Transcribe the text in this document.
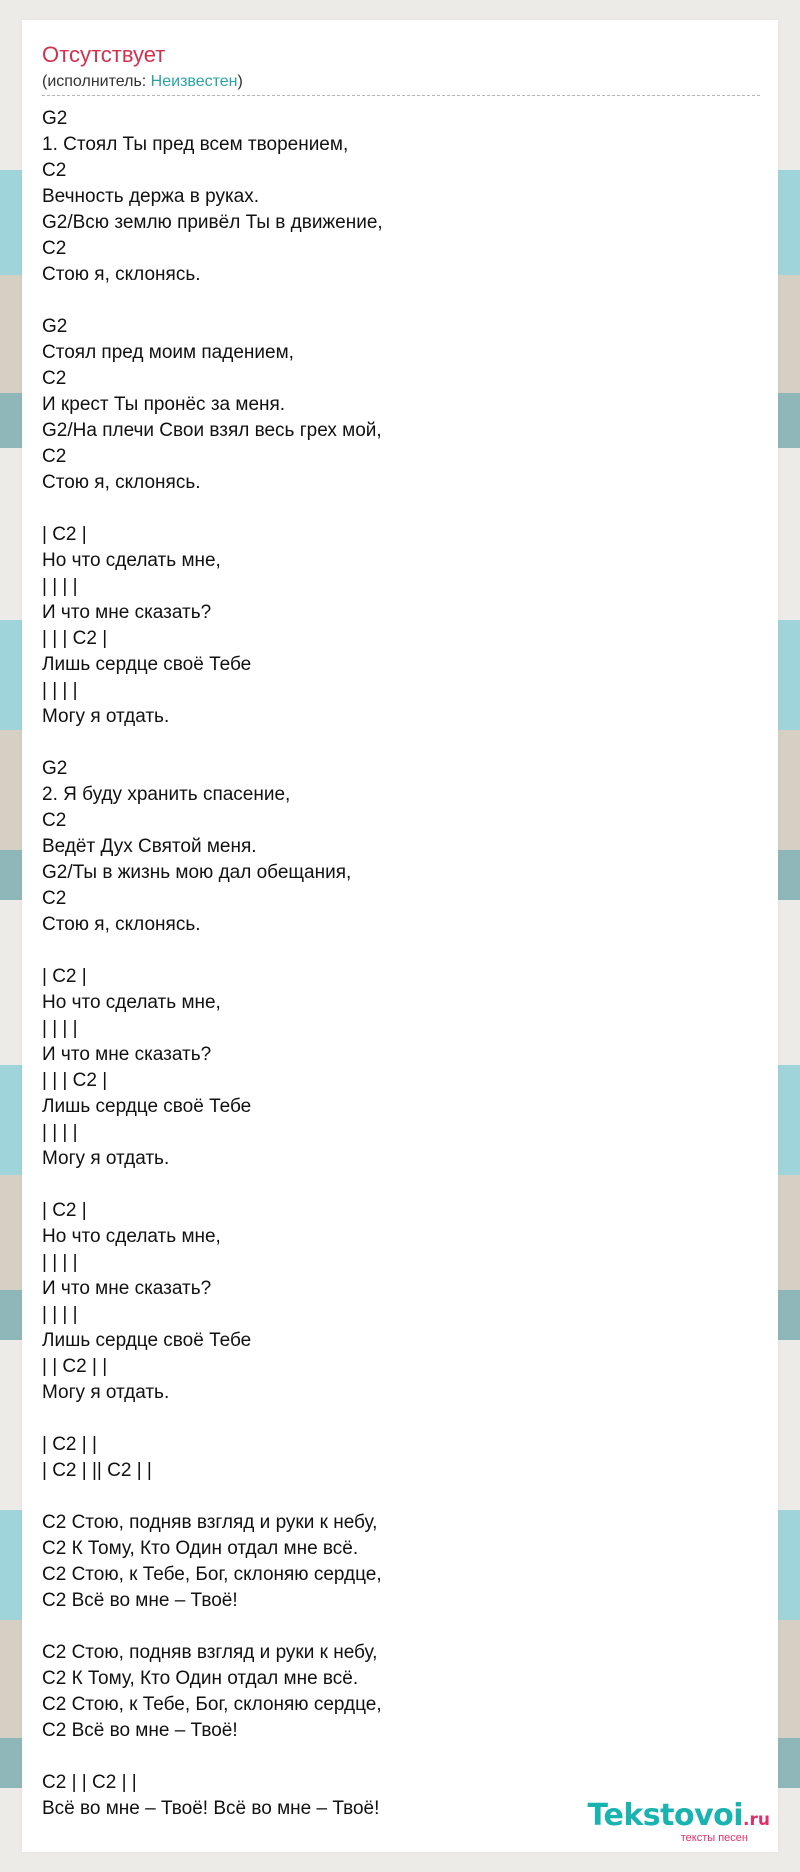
Отсутствует
(исполнитель: Неизвестен)
G2
1. Стоял Ты пред всем творением,
C2
Вечность держа в руках.
G2/Всю землю привёл Ты в движение,
C2
Стою я, склонясь.
G2
Стоял пред моим падением,
C2
И крест Ты пронёс за меня.
G2/На плечи Свои взял весь грех мой,
C2
Стою я, склонясь.
| C2 |
Но что сделать мне,
| | | |
И что мне сказать?
| | | C2 |
Лишь сердце своё Тебе
| | | |
Могу я отдать.
G2
2. Я буду хранить спасение,
C2
Ведёт Дух Святой меня.
G2/Ты в жизнь мою дал обещания,
C2
Стою я, склонясь.
| C2 |
Но что сделать мне,
| | | |
И что мне сказать?
| | | C2 |
Лишь сердце своё Тебе
| | | |
Могу я отдать.
| C2 |
Но что сделать мне,
| | | |
И что мне сказать?
| | | |
Лишь сердце своё Тебе
| | C2 | |
Могу я отдать.
| C2 | |
| C2 | || C2 | |
C2 Стою, подняв взгляд и руки к небу,
C2 К Тому, Кто Один отдал мне всё.
C2 Стою, к Тебе, Бог, склоняю сердце,
C2 Всё во мне – Твоё!
C2 Стою, подняв взгляд и руки к небу,
C2 К Тому, Кто Один отдал мне всё.
C2 Стою, к Тебе, Бог, склоняю сердце,
C2 Всё во мне – Твоё!
C2 | | C2 | |
Всё во мне – Твоё! Всё во мне – Твоё!	Tekstovoi.ru
тексты песен
